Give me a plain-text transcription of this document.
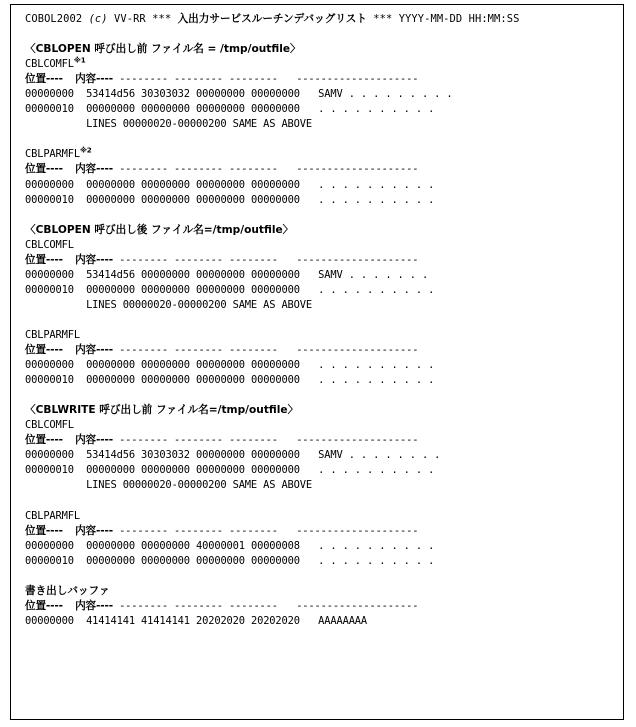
COBOL2002 (c) VV-RR *** 入出力サービスルーチンデバッグリスト *** YYYY-MM-DD HH:MM:SS

〈CBLOPEN 呼び出し前 ファイル名 = /tmp/outfile〉
CBLCOMFL$^{※1}$
位置---- 内容---- -------- -------- -------- --------------------
00000000 53414d56 30303032 00000000 00000000 SAMV . . . . . . . . .
00000010 00000000 00000000 00000000 00000000 . . . . . . . . . .
LINES 00000020-00000200 SAME AS ABOVE

CBLPARMFL$^{※2}$
位置---- 内容---- -------- -------- -------- --------------------
00000000 00000000 00000000 00000000 00000000 . . . . . . . . . .
00000010 00000000 00000000 00000000 00000000 . . . . . . . . . .

〈CBLOPEN 呼び出し後 ファイル名=/tmp/outfile〉
CBLCOMFL
位置---- 内容---- -------- -------- -------- --------------------
00000000 53414d56 00000000 00000000 00000000 SAMV . . . . . . .
00000010 00000000 00000000 00000000 00000000 . . . . . . . . . .
LINES 00000020-00000200 SAME AS ABOVE

CBLPARMFL
位置---- 内容---- -------- -------- -------- --------------------
00000000 00000000 00000000 00000000 00000000 . . . . . . . . . .
00000010 00000000 00000000 00000000 00000000 . . . . . . . . . .

〈CBLWRITE 呼び出し前 ファイル名=/tmp/outfile〉
CBLCOMFL
位置---- 内容---- -------- -------- -------- --------------------
00000000 53414d56 30303032 00000000 00000000 SAMV . . . . . . . .
00000010 00000000 00000000 00000000 00000000 . . . . . . . . . .
LINES 00000020-00000200 SAME AS ABOVE

CBLPARMFL
位置---- 内容---- -------- -------- -------- --------------------
00000000 00000000 00000000 40000001 00000008 . . . . . . . . . .
00000010 00000000 00000000 00000000 00000000 . . . . . . . . . .

書き出しバッファ
位置---- 内容---- -------- -------- -------- --------------------
00000000 41414141 41414141 20202020 20202020 AAAAAAAA
